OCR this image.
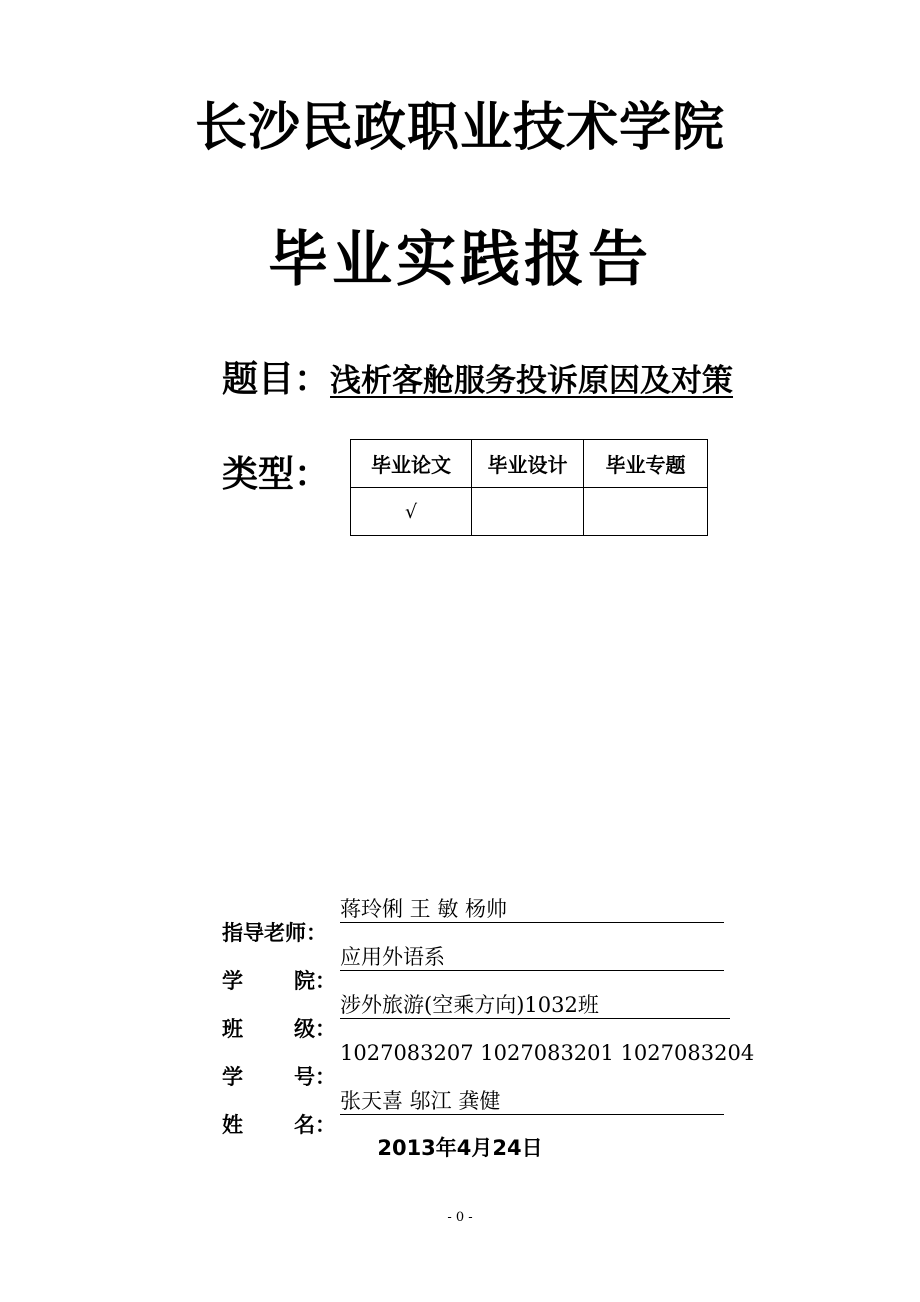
长沙民政职业技术学院
毕业实践报告
题目：浅析客舱服务投诉原因及对策
类型： 毕业论文	毕业设计	毕业专题
√		
指导老师：
蒋玲俐 王 敏 杨帅
学 院：
应用外语系
班 级：
涉外旅游(空乘方向)1032班
学 号：
1027083207 1027083201 1027083204
姓 名：
张天喜 邬江 龚健
2013年4月24日
- 0 -
